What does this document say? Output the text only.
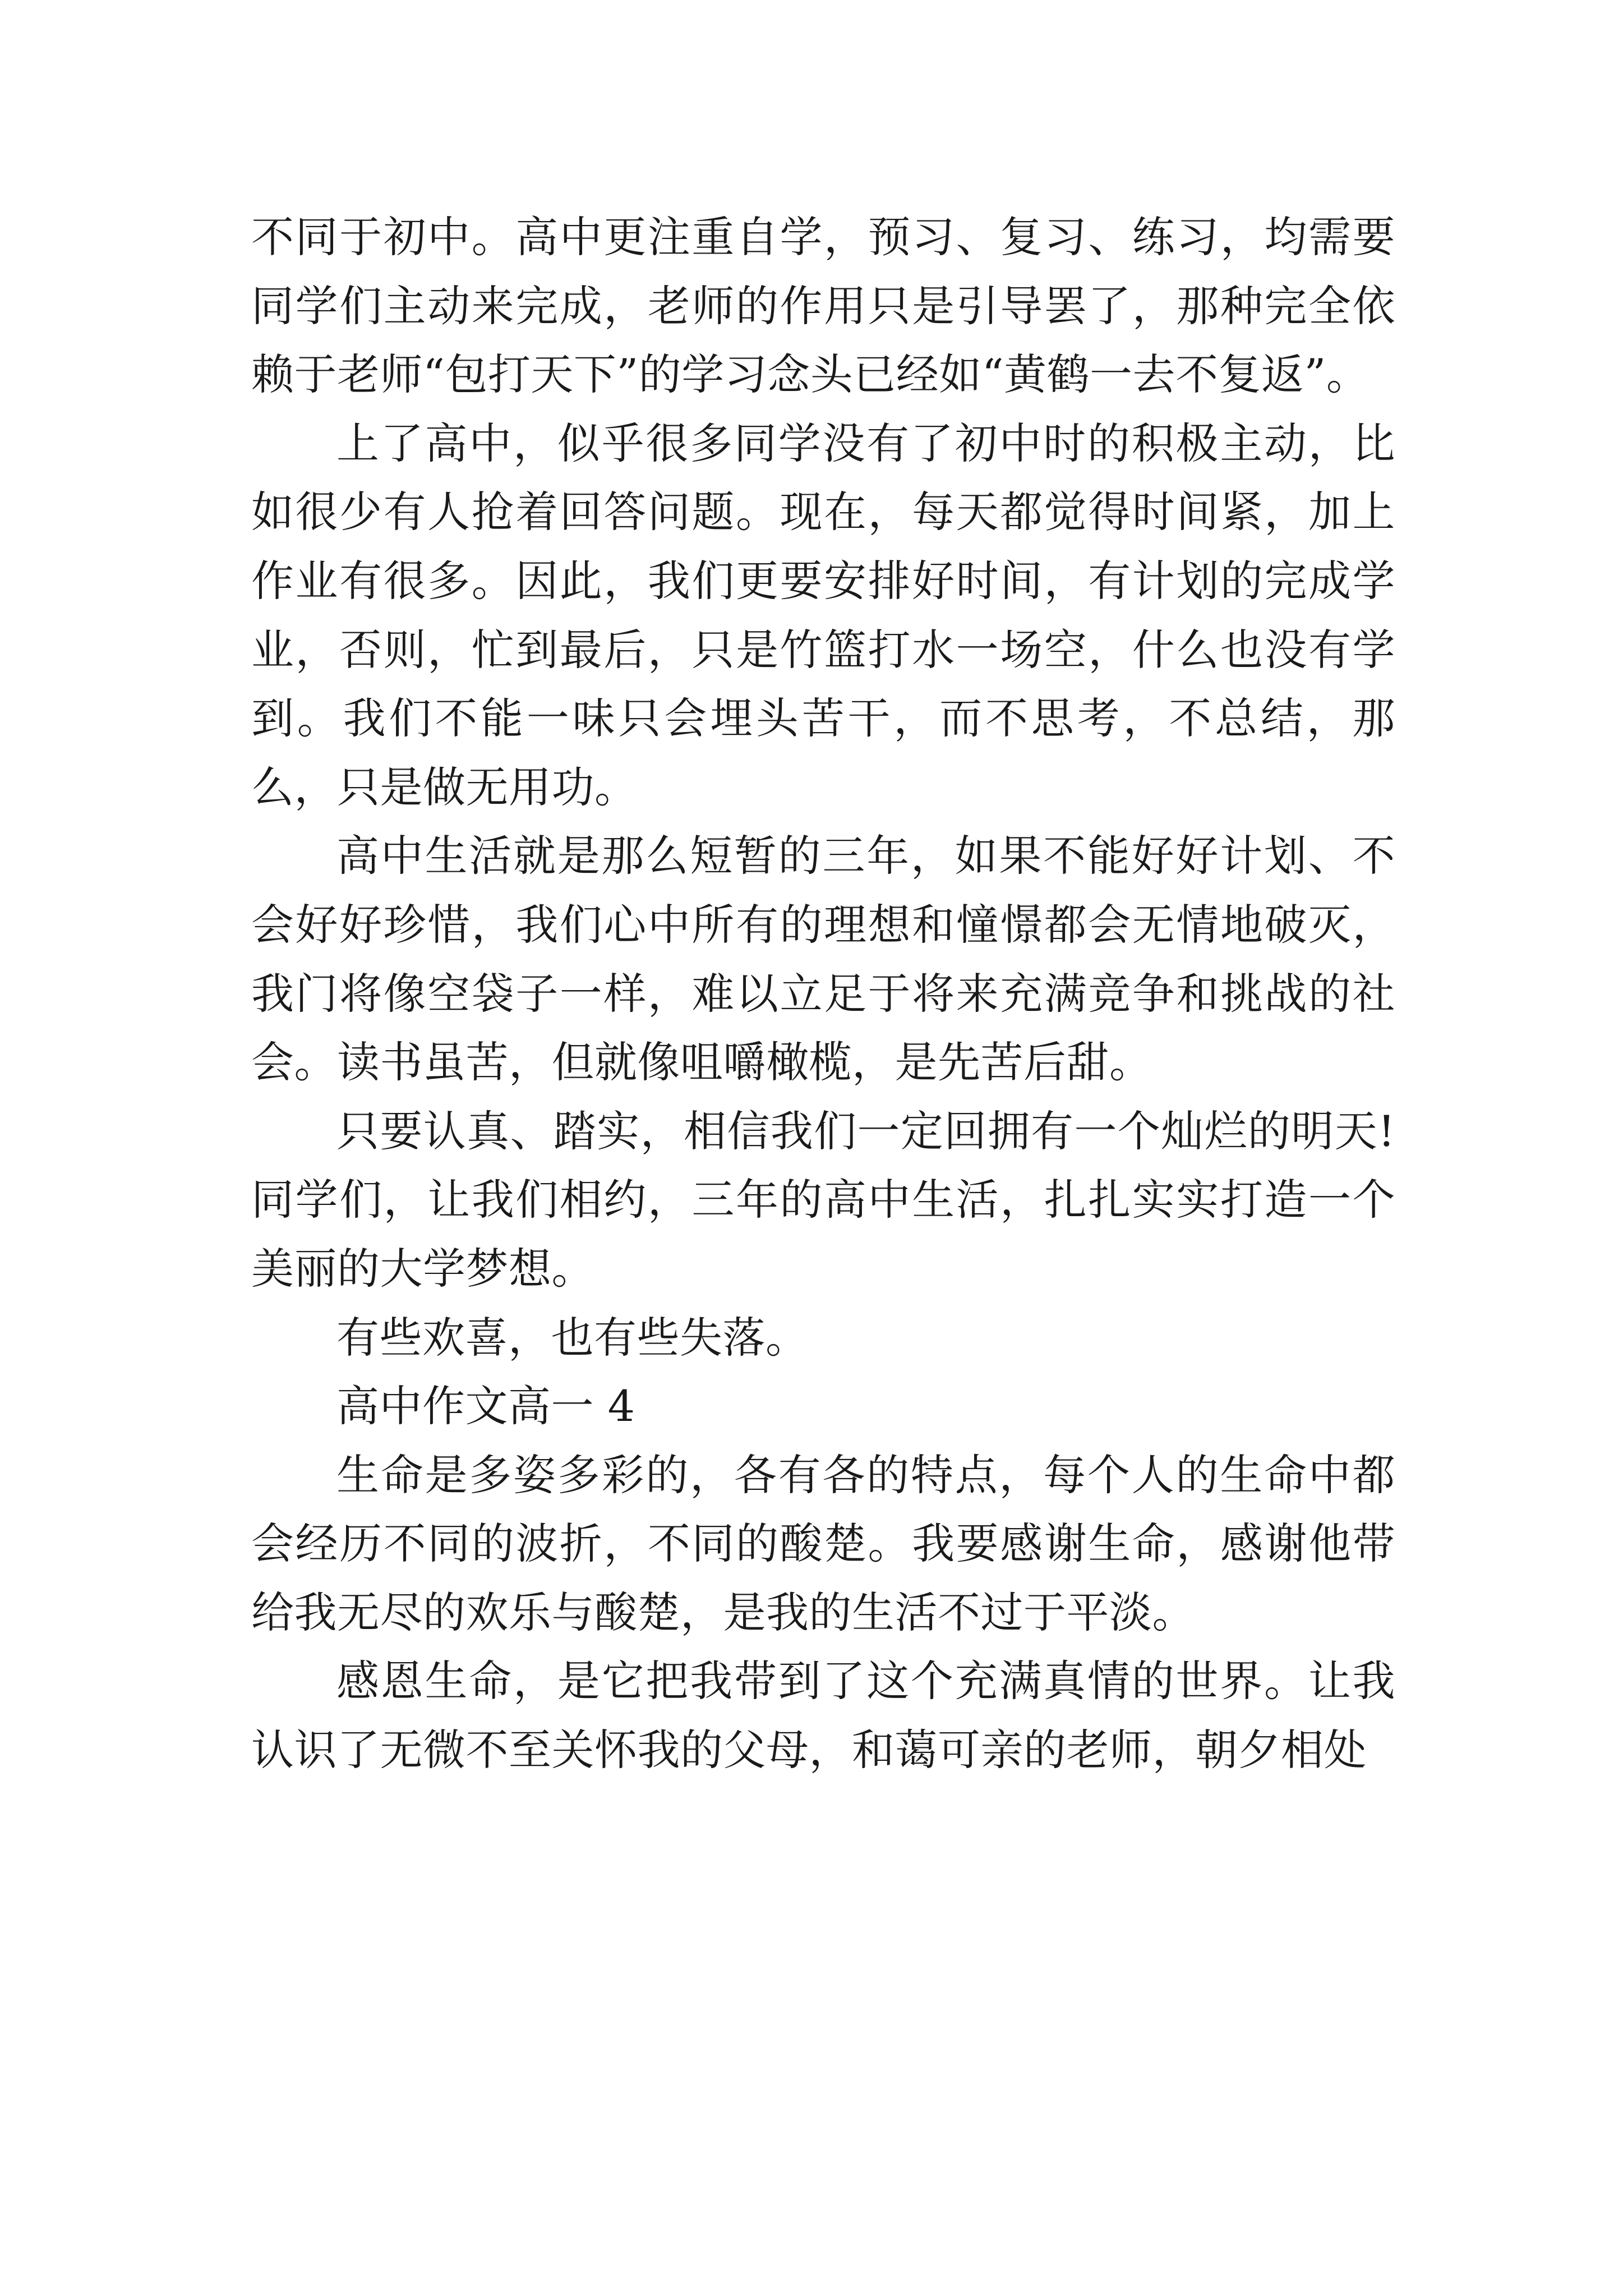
不同于初中。高中更注重自学，预习、复习、练习，均需要同学们主动来完成，老师的作用只是引导罢了，那种完全依赖于老师“包打天下”的学习念头已经如“黄鹤一去不复返”。

上了高中，似乎很多同学没有了初中时的积极主动，比如很少有人抢着回答问题。现在，每天都觉得时间紧，加上作业有很多。因此，我们更要安排好时间，有计划的完成学业，否则，忙到最后，只是竹篮打水一场空，什么也没有学到。我们不能一味只会埋头苦干，而不思考，不总结，那么，只是做无用功。

高中生活就是那么短暂的三年，如果不能好好计划、不会好好珍惜，我们心中所有的理想和憧憬都会无情地破灭，我门将像空袋子一样，难以立足于将来充满竞争和挑战的社会。读书虽苦，但就像咀嚼橄榄，是先苦后甜。

只要认真、踏实，相信我们一定回拥有一个灿烂的明天!同学们，让我们相约，三年的高中生活，扎扎实实打造一个美丽的大学梦想。

有些欢喜，也有些失落。

高中作文高一 4

生命是多姿多彩的，各有各的特点，每个人的生命中都会经历不同的波折，不同的酸楚。我要感谢生命，感谢他带给我无尽的欢乐与酸楚，是我的生活不过于平淡。

感恩生命，是它把我带到了这个充满真情的世界。让我认识了无微不至关怀我的父母，和蔼可亲的老师，朝夕相处
